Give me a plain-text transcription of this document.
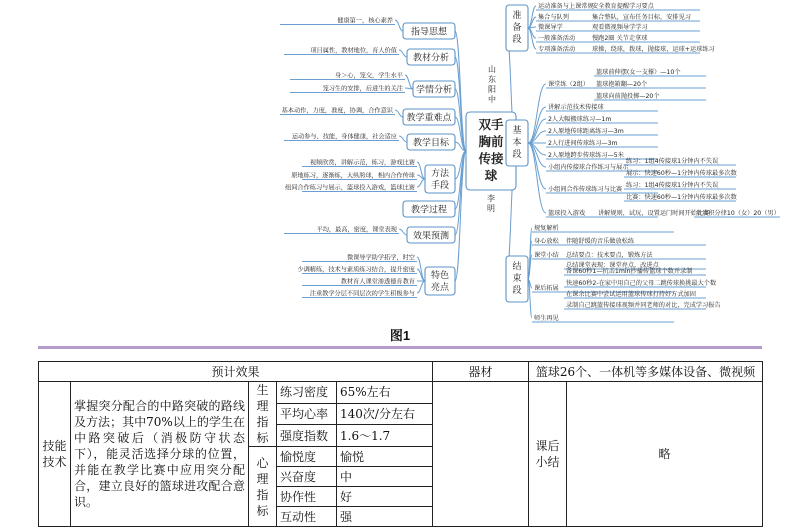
双手
胸前
传接
球
山
东
阳
中
李
明
指导思想
健康第一，核心素养
教材分析
项目属性，教材地位，育人价值
学情分析
身＞心，笼交，学生水平
笼习生的安排，后进生的关注
教学重难点
基本动作，力度，准度，协调，合作意识
教学目标
运动参与、技能，身体健康，社会适应
方法
手段
视频欣赏，讲解示范，练习，游戏比赛
原地练习，逐渐练，大纵胯球，相内合作传球
组间合作练习与展示，篮球投入游戏，篮球比赛
教学过程
效果预测
平均，最高，密度，课堂表现
特色
亮点
微课导学助学拓学，时空
少调精练，技术与素质练习结合，提升密度
教材育人课堂渗透德育教育
注重教学分层不同层次的学生积极参与
准
备
段
基
本
段
结
束
段
运动准备与上课常规
安全教育提醒学习要点
集合与队列	集合整队，宣布任务目标，安排见习
微课导学	观看微视频导学学习
一般准备活动	慢跑2圈 关节走拿球
专项准备活动	球操，绕球，拨球，抛接球，运球+运球练习
课堂练（2组）
篮球前伸摆(女一支撑）—10个
篮球抱箱翻—20个
篮球向前抛投掷—20个
讲解示范技术传接球
2人大幅搬球练习—1m
2人原地传球距离练习—3m
2人行进间传球练习—3m
2人原地跨步传球练习—5米
小组内传接球合作练习与展示
练习：1组4传接球1分钟内不失误
展示：快速60秒—1分钟内传球最多次数
小组间合作传球练习与比赛
练习：1组4传接球1分钟内不失误
比赛：快速60秒—1分钟内传球最多次数
篮球投入游戏 讲解规则，试玩，设置运门时间开始比赛
负责积分律10（女）20（男）
规复解析
身心放松 伴随舒缓的音乐做放松练
课堂小结 总结要点：技术要点，锻炼方法
总结课堂表现：课堂亮点，改进点
课后拓展
备课60秒1—抗击1min抄播传篮球个数并录制
快速60秒2-在家中用自己的父母二跳传球换挑最大个数
在课余比赛中尝试运用篮球传球打持好方式加固
录制自己跳篮传接球视频并同老师的对比，完成学习报告
师生再见
图1
预计效果					器材	篮球26个、一体机等多媒体设备、微视频	
技能技术	掌握突分配合的中路突破的路线及方法；其中70%以上的学生在中路突破后（消极防守状态下），能灵活选择分球的位置，并能在教学比赛中应用突分配合，建立良好的篮球进攻配合意识。	生理指标	练习密度	65%左右		课后小结	略
			平均心率	140次/分左右			
			强度指数	1.6～1.7			
		心理指标	愉悦度	愉悦			
			兴奋度	中			
			协作性	好			
			互动性	强			
